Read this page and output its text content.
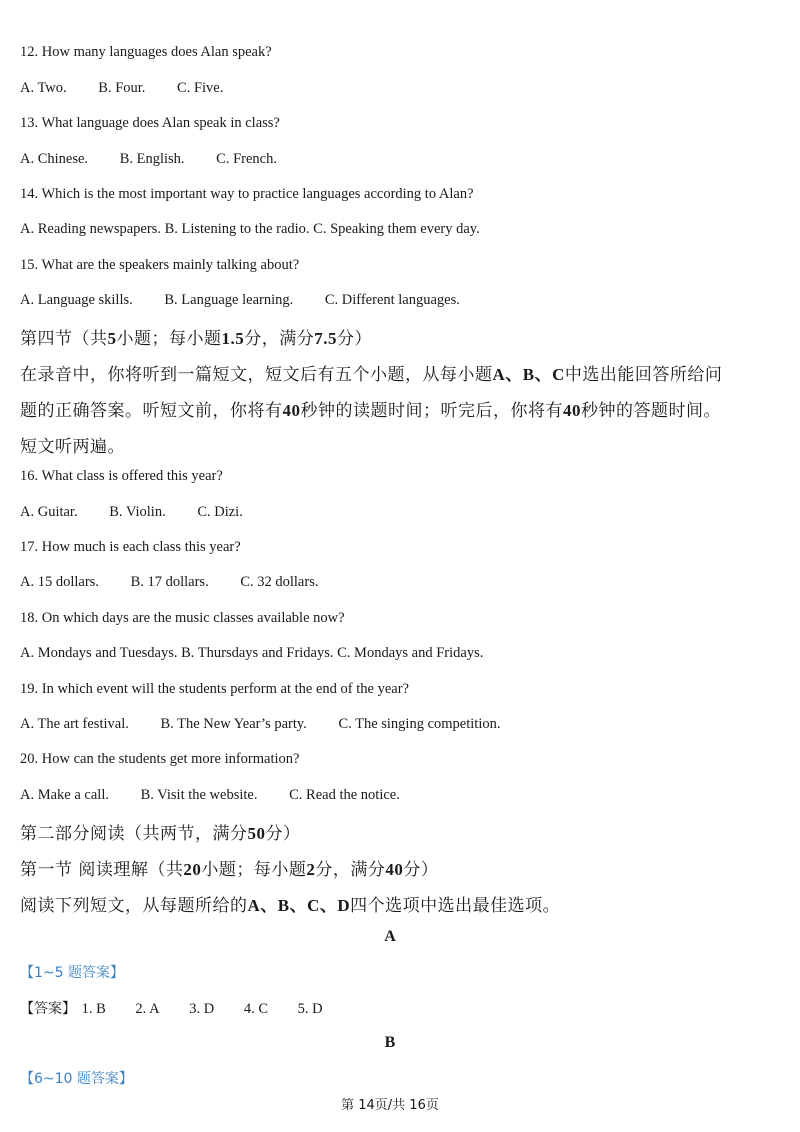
12. How many languages does Alan speak?
A. Two. B. Four. C. Five.
13. What language does Alan speak in class?
A. Chinese. B. English. C. French.
14. Which is the most important way to practice languages according to Alan?
A. Reading newspapers. B. Listening to the radio. C. Speaking them every day.
15. What are the speakers mainly talking about?
A. Language skills. B. Language learning. C. Different languages.
第四节（共5小题；每小题1.5分，满分7.5分）
在录音中，你将听到一篇短文，短文后有五个小题，从每小题A、B、C中选出能回答所给问
题的正确答案。听短文前，你将有40秒钟的读题时间；听完后，你将有40秒钟的答题时间。
短文听两遍。
16. What class is offered this year?
A. Guitar. B. Violin. C. Dizi.
17. How much is each class this year?
A. 15 dollars. B. 17 dollars. C. 32 dollars.
18. On which days are the music classes available now?
A. Mondays and Tuesdays. B. Thursdays and Fridays. C. Mondays and Fridays.
19. In which event will the students perform at the end of the year?
A. The art festival. B. The New Year’s party. C. The singing competition.
20. How can the students get more information?
A. Make a call. B. Visit the website. C. Read the notice.
第二部分阅读（共两节，满分50分）
第一节 阅读理解（共20小题；每小题2分，满分40分）
阅读下列短文，从每题所给的A、B、C、D四个选项中选出最佳选项。
A
【1~5 题答案】
【答案】 1. B 2. A 3. D 4. C 5. D
B
【6~10 题答案】
第 14页/共 16页
